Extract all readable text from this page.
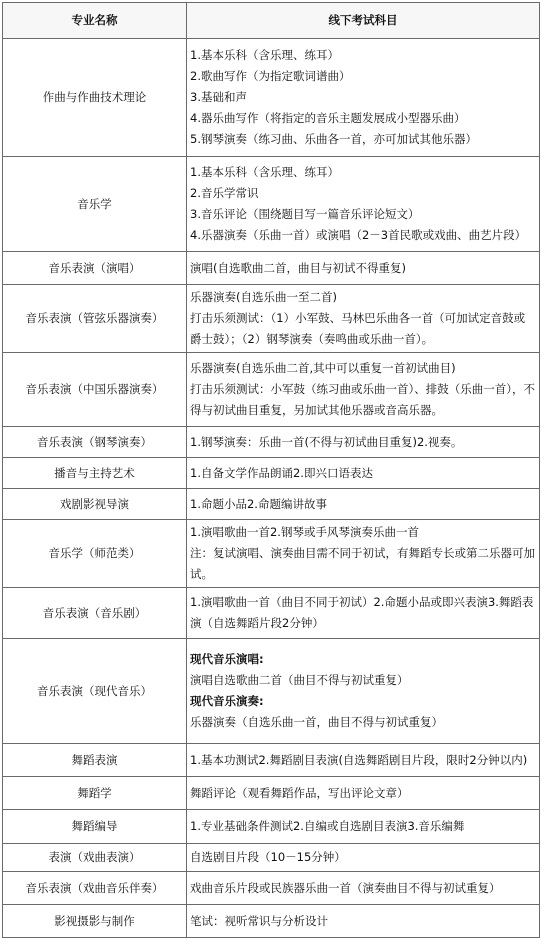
专业名称	线下考试科目
作曲与作曲技术理论	1.基本乐科（含乐理、练耳）
2.歌曲写作（为指定歌词谱曲）
3.基础和声
4.器乐曲写作（将指定的音乐主题发展成小型器乐曲）
5.钢琴演奏（练习曲、乐曲各一首，亦可加试其他乐器）

音乐学	1.基本乐科（含乐理、练耳）
2.音乐学常识
3.音乐评论（围绕题目写一篇音乐评论短文）
4.乐器演奏（乐曲一首）或演唱（2－3首民歌或戏曲、曲艺片段）

音乐表演（演唱）	演唱(自选歌曲二首，曲目与初试不得重复)

音乐表演（管弦乐器演奏）	乐器演奏(自选乐曲一至二首)
打击乐须测试：（1）小军鼓、马林巴乐曲各一首（可加试定音鼓或爵士鼓）；（2）钢琴演奏（奏鸣曲或乐曲一首）。

音乐表演（中国乐器演奏）	乐器演奏(自选乐曲二首,其中可以重复一首初试曲目)
打击乐须测试：小军鼓（练习曲或乐曲一首）、排鼓（乐曲一首），不得与初试曲目重复，另加试其他乐器或音高乐器。

音乐表演（钢琴演奏）	1.钢琴演奏：乐曲一首(不得与初试曲目重复)2.视奏。

播音与主持艺术	1.自备文学作品朗诵2.即兴口语表达

戏剧影视导演	1.命题小品2.命题编讲故事

音乐学（师范类）	1.演唱歌曲一首2.钢琴或手风琴演奏乐曲一首
注：复试演唱、演奏曲目需不同于初试，有舞蹈专长或第二乐器可加试。

音乐表演（音乐剧）	1.演唱歌曲一首（曲目不同于初试）2.命题小品或即兴表演3.舞蹈表演（自选舞蹈片段2分钟）

音乐表演（现代音乐）	现代音乐演唱:
演唱自选歌曲二首（曲目不得与初试重复）
现代音乐演奏:
乐器演奏（自选乐曲一首，曲目不得与初试重复）

舞蹈表演	1.基本功测试2.舞蹈剧目表演(自选舞蹈剧目片段，限时2分钟以内)

舞蹈学	舞蹈评论（观看舞蹈作品，写出评论文章）

舞蹈编导	1.专业基础条件测试2.自编或自选剧目表演3.音乐编舞

表演（戏曲表演）	自选剧目片段（10－15分钟）

音乐表演（戏曲音乐伴奏）	戏曲音乐片段或民族器乐曲一首（演奏曲目不得与初试重复）

影视摄影与制作	笔试：视听常识与分析设计
